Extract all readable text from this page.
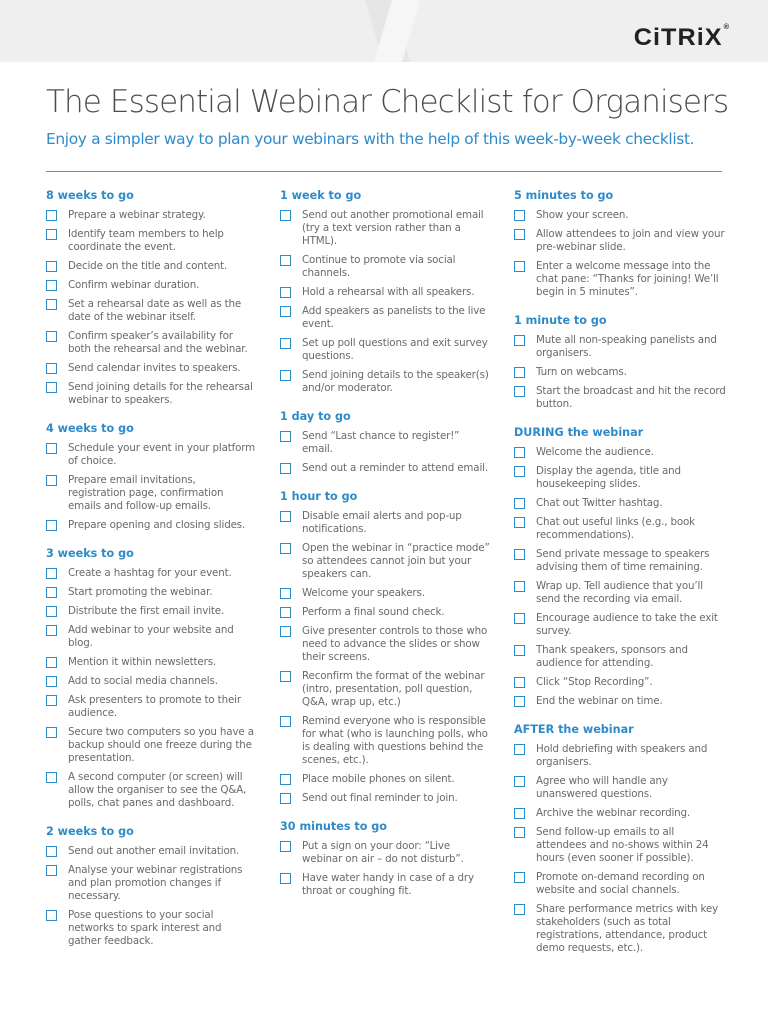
CiTRiX®
The Essential Webinar Checklist for Organisers

Enjoy a simpler way to plan your webinars with the help of this week-by-week checklist.

8 weeks to go
Prepare a webinar strategy.
Identify team members to help coordinate the event.
Decide on the title and content.
Confirm webinar duration.
Set a rehearsal date as well as the date of the webinar itself.
Confirm speaker’s availability for both the rehearsal and the webinar.
Send calendar invites to speakers.
Send joining details for the rehearsal webinar to speakers.
4 weeks to go
Schedule your event in your platform of choice.
Prepare email invitations, registration page, confirmation emails and follow-up emails.
Prepare opening and closing slides.
3 weeks to go
Create a hashtag for your event.
Start promoting the webinar.
Distribute the first email invite.
Add webinar to your website and blog.
Mention it within newsletters.
Add to social media channels.
Ask presenters to promote to their audience.
Secure two computers so you have a backup should one freeze during the presentation.
A second computer (or screen) will allow the organiser to see the Q&A, polls, chat panes and dashboard.
2 weeks to go
Send out another email invitation.
Analyse your webinar registrations and plan promotion changes if necessary.
Pose questions to your social networks to spark interest and gather feedback.
1 week to go
Send out another promotional email (try a text version rather than a HTML).
Continue to promote via social channels.
Hold a rehearsal with all speakers.
Add speakers as panelists to the live event.
Set up poll questions and exit survey questions.
Send joining details to the speaker(s) and/or moderator.
1 day to go
Send “Last chance to register!” email.
Send out a reminder to attend email.
1 hour to go
Disable email alerts and pop-up notifications.
Open the webinar in “practice mode” so attendees cannot join but your speakers can.
Welcome your speakers.
Perform a final sound check.
Give presenter controls to those who need to advance the slides or show their screens.
Reconfirm the format of the webinar (intro, presentation, poll question, Q&A, wrap up, etc.)
Remind everyone who is responsible for what (who is launching polls, who is dealing with questions behind the scenes, etc.).
Place mobile phones on silent.
Send out final reminder to join.
30 minutes to go
Put a sign on your door: “Live webinar on air – do not disturb”.
Have water handy in case of a dry throat or coughing fit.
5 minutes to go
Show your screen.
Allow attendees to join and view your pre-webinar slide.
Enter a welcome message into the chat pane: “Thanks for joining! We’ll begin in 5 minutes”.
1 minute to go
Mute all non-speaking panelists and organisers.
Turn on webcams.
Start the broadcast and hit the record button.
DURING the webinar
Welcome the audience.
Display the agenda, title and housekeeping slides.
Chat out Twitter hashtag.
Chat out useful links (e.g., book recommendations).
Send private message to speakers advising them of time remaining.
Wrap up. Tell audience that you’ll send the recording via email.
Encourage audience to take the exit survey.
Thank speakers, sponsors and audience for attending.
Click “Stop Recording”.
End the webinar on time.
AFTER the webinar
Hold debriefing with speakers and organisers.
Agree who will handle any unanswered questions.
Archive the webinar recording.
Send follow-up emails to all attendees and no-shows within 24 hours (even sooner if possible).
Promote on-demand recording on website and social channels.
Share performance metrics with key stakeholders (such as total registrations, attendance, product demo requests, etc.).
